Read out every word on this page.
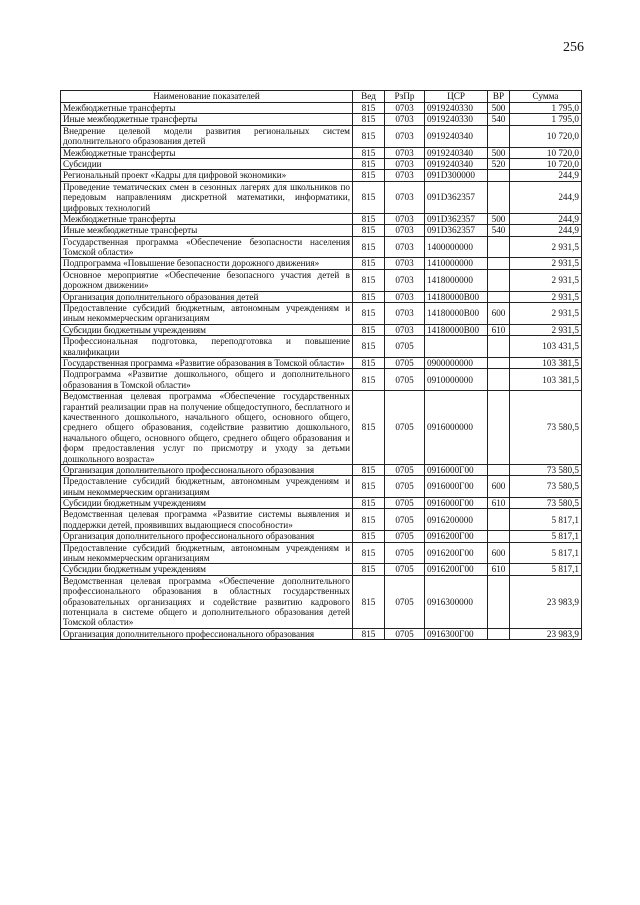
256
Наименование показателей	Вед	РзПр	ЦСР	ВР	Сумма
Межбюджетные трансферты	815	0703	0919240330	500	1 795,0
Иные межбюджетные трансферты	815	0703	0919240330	540	1 795,0
Внедрение целевой модели развития региональных систем дополнительного образования детей	815	0703	0919240340		10 720,0
Межбюджетные трансферты	815	0703	0919240340	500	10 720,0
Субсидии	815	0703	0919240340	520	10 720,0
Региональный проект «Кадры для цифровой экономики»	815	0703	091D300000		244,9
Проведение тематических смен в сезонных лагерях для школьников по передовым направлениям дискретной математики, информатики, цифровых технологий	815	0703	091D362357		244,9
Межбюджетные трансферты	815	0703	091D362357	500	244,9
Иные межбюджетные трансферты	815	0703	091D362357	540	244,9
Государственная программа «Обеспечение безопасности населения Томской области»	815	0703	1400000000		2 931,5
Подпрограмма «Повышение безопасности дорожного движения»	815	0703	1410000000		2 931,5
Основное мероприятие «Обеспечение безопасного участия детей в дорожном движении»	815	0703	1418000000		2 931,5
Организация дополнительного образования детей	815	0703	14180000В00		2 931,5
Предоставление субсидий бюджетным, автономным учреждениям и иным некоммерческим организациям	815	0703	14180000В00	600	2 931,5
Субсидии бюджетным учреждениям	815	0703	14180000В00	610	2 931,5
Профессиональная подготовка, переподготовка и повышение квалификации	815	0705			103 431,5
Государственная программа «Развитие образования в Томской области»	815	0705	0900000000		103 381,5
Подпрограмма «Развитие дошкольного, общего и дополнительного образования в Томской области»	815	0705	0910000000		103 381,5
Ведомственная целевая программа «Обеспечение государственных гарантий реализации прав на получение общедоступного, бесплатного и качественного дошкольного, начального общего, основного общего, среднего общего образования, содействие развитию дошкольного, начального общего, основного общего, среднего общего образования и форм предоставления услуг по присмотру и уходу за детьми дошкольного возраста»	815	0705	0916000000		73 580,5
Организация дополнительного профессионального образования	815	0705	0916000Г00		73 580,5
Предоставление субсидий бюджетным, автономным учреждениям и иным некоммерческим организациям	815	0705	0916000Г00	600	73 580,5
Субсидии бюджетным учреждениям	815	0705	0916000Г00	610	73 580,5
Ведомственная целевая программа «Развитие системы выявления и поддержки детей, проявивших выдающиеся способности»	815	0705	0916200000		5 817,1
Организация дополнительного профессионального образования	815	0705	0916200Г00		5 817,1
Предоставление субсидий бюджетным, автономным учреждениям и иным некоммерческим организациям	815	0705	0916200Г00	600	5 817,1
Субсидии бюджетным учреждениям	815	0705	0916200Г00	610	5 817,1
Ведомственная целевая программа «Обеспечение дополнительного профессионального образования в областных государственных образовательных организациях и содействие развитию кадрового потенциала в системе общего и дополнительного образования детей Томской области»	815	0705	0916300000		23 983,9
Организация дополнительного профессионального образования	815	0705	0916300Г00		23 983,9
